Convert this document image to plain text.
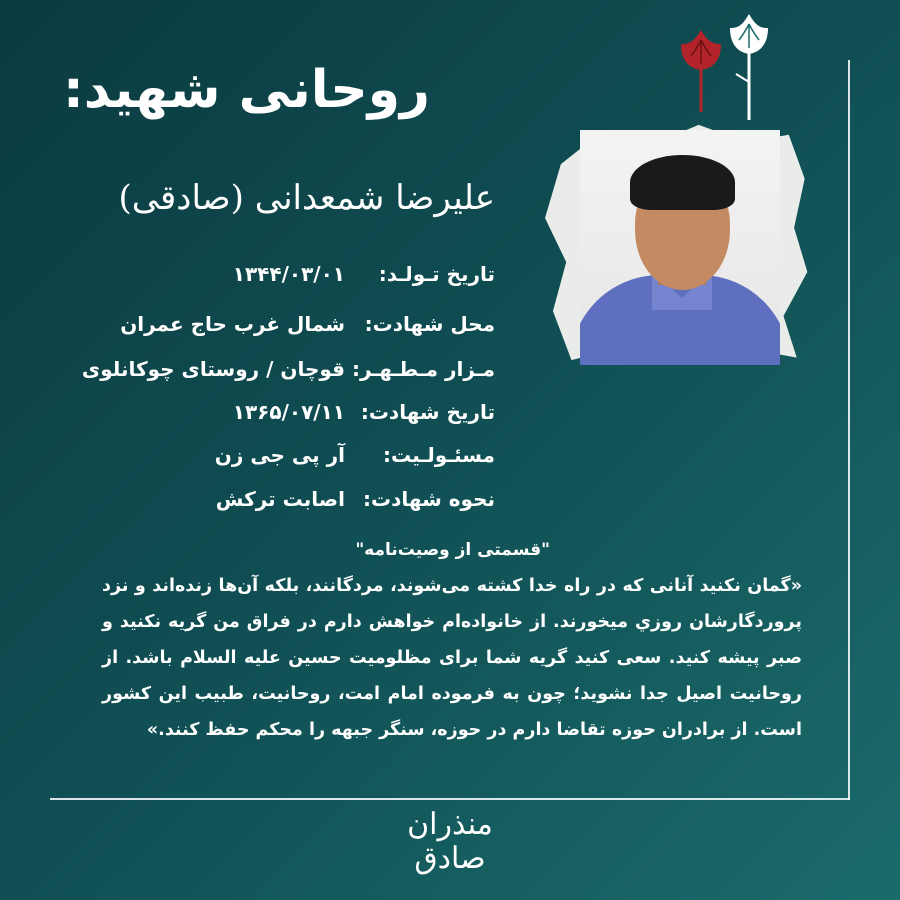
روحانی شهید:
علیرضا شمعدانی (صادقی)
تاریخ تـولـد:
۱۳۴۴/۰۳/۰۱
محل شهادت:
شمال غرب حاج عمران
مـزار مـطـهـر:
قوچان / روستای چوکانلوی
تاریخ شهادت:
۱۳۶۵/۰۷/۱۱
مسئـولـیت:
آر پی جی زن
نحوه شهادت:
اصابت ترکش
"قسمتی از وصیت‌نامه"
«گمان نکنید آنانی که در راه خدا کشته می‌شوند، مردگانند، بلکه آن‌ها زنده‌اند و نزد پروردگارشان روزي میخورند. از خانواده‌ام خواهش دارم در فراق من گریه نکنید و صبر پیشه کنید. سعی کنید گریه شما برای مظلومیت حسین علیه السلام باشد. از روحانیت اصیل جدا نشوید؛ چون به فرموده امام امت، روحانیت، طبیب این کشور است. از برادران حوزه تقاضا دارم در حوزه، سنگر جبهه را محکم حفظ کنند.»
منذران
صادق
